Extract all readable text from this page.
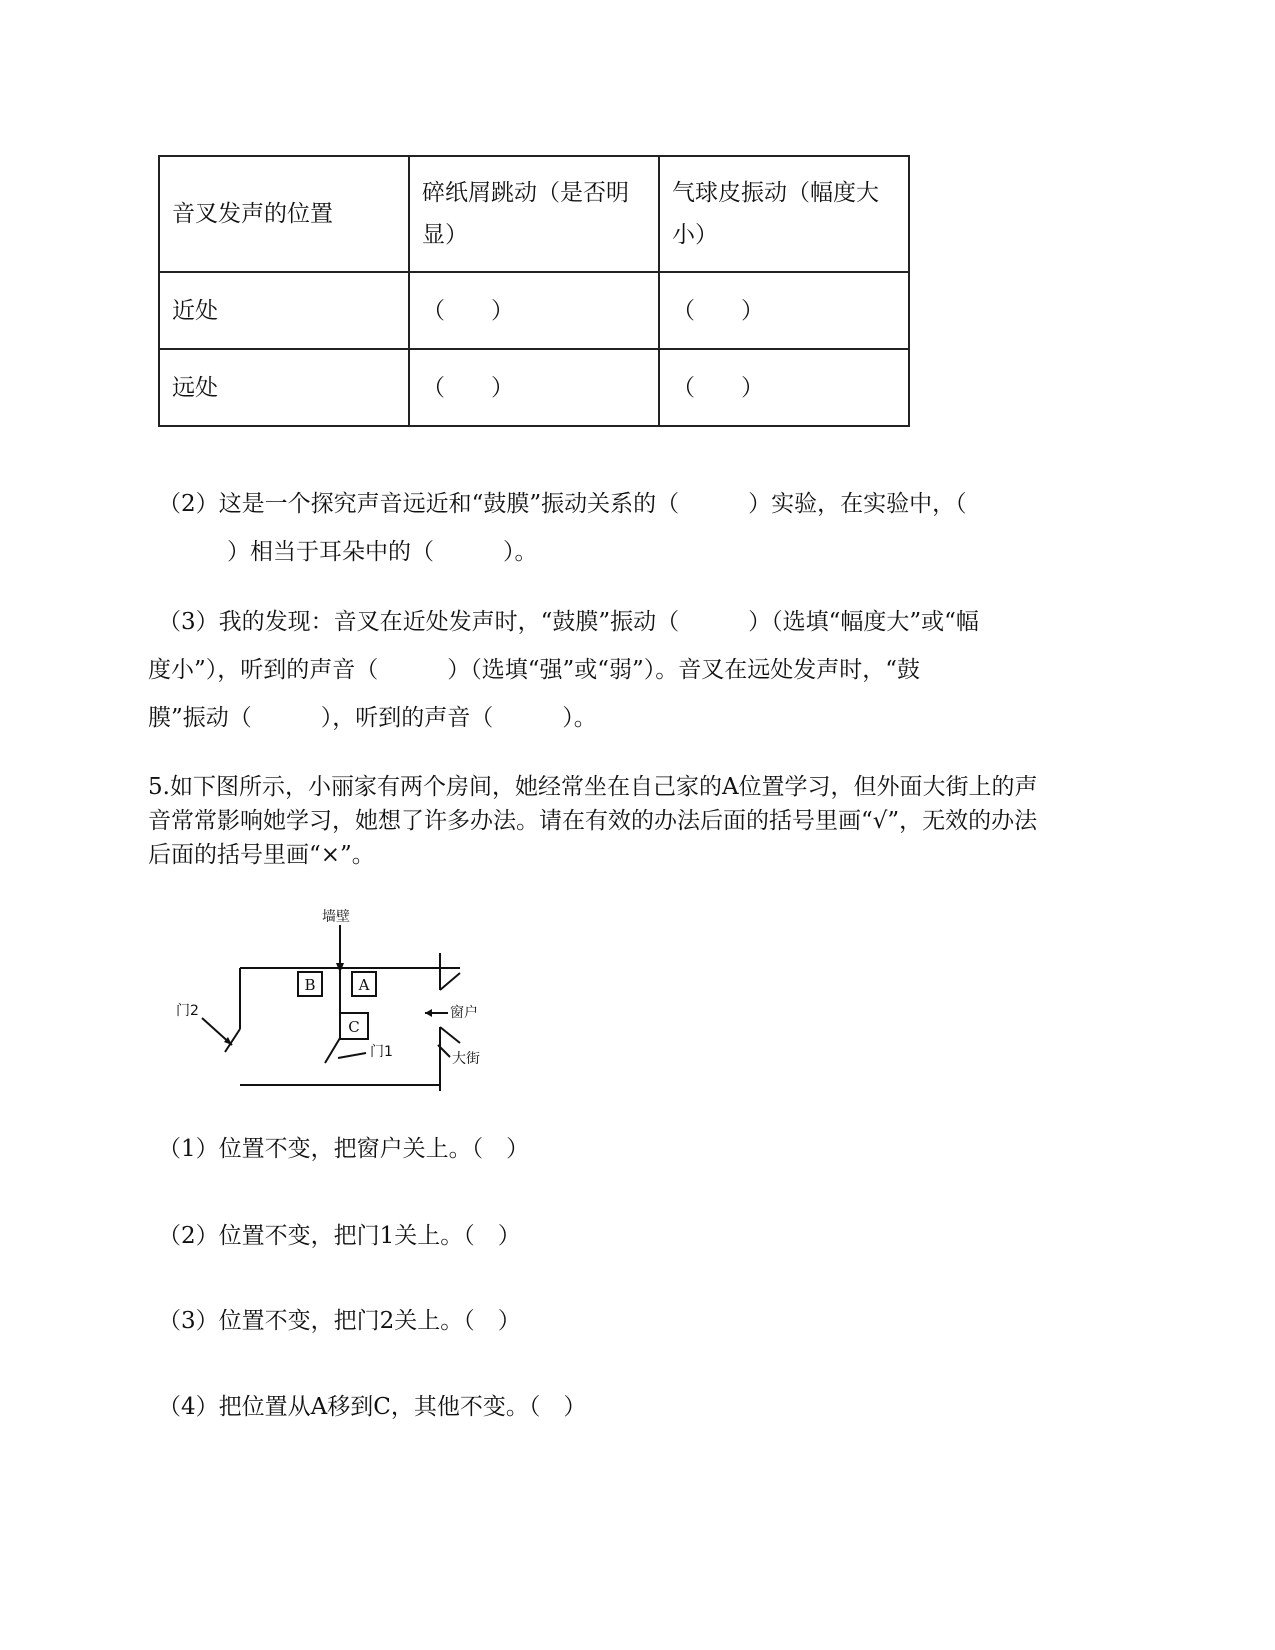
音叉发声的位置	碎纸屑跳动（是否明显）	气球皮振动（幅度大小）
近处	（　　）	（　　）
远处	（　　）	（　　）
（2）这是一个探究声音远近和“鼓膜”振动关系的（　　　）实验，在实验中，（
　　　）相当于耳朵中的（　　　）。
（3）我的发现：音叉在近处发声时，“鼓膜”振动（　　　）（选填“幅度大”或“幅
度小”），听到的声音（　　　）（选填“强”或“弱”）。音叉在远处发声时，“鼓
膜”振动（　　　），听到的声音（　　　）。
5.如下图所示，小丽家有两个房间，她经常坐在自己家的A位置学习，但外面大街上的声
音常常影响她学习，她想了许多办法。请在有效的办法后面的括号里画“√”，无效的办法
后面的括号里画“×”。
墙壁
门2
门1
窗户
大街
B	A
C
（1）位置不变，把窗户关上。（　）
（2）位置不变，把门1关上。（　）
（3）位置不变，把门2关上。（　）
（4）把位置从A移到C，其他不变。（　）
